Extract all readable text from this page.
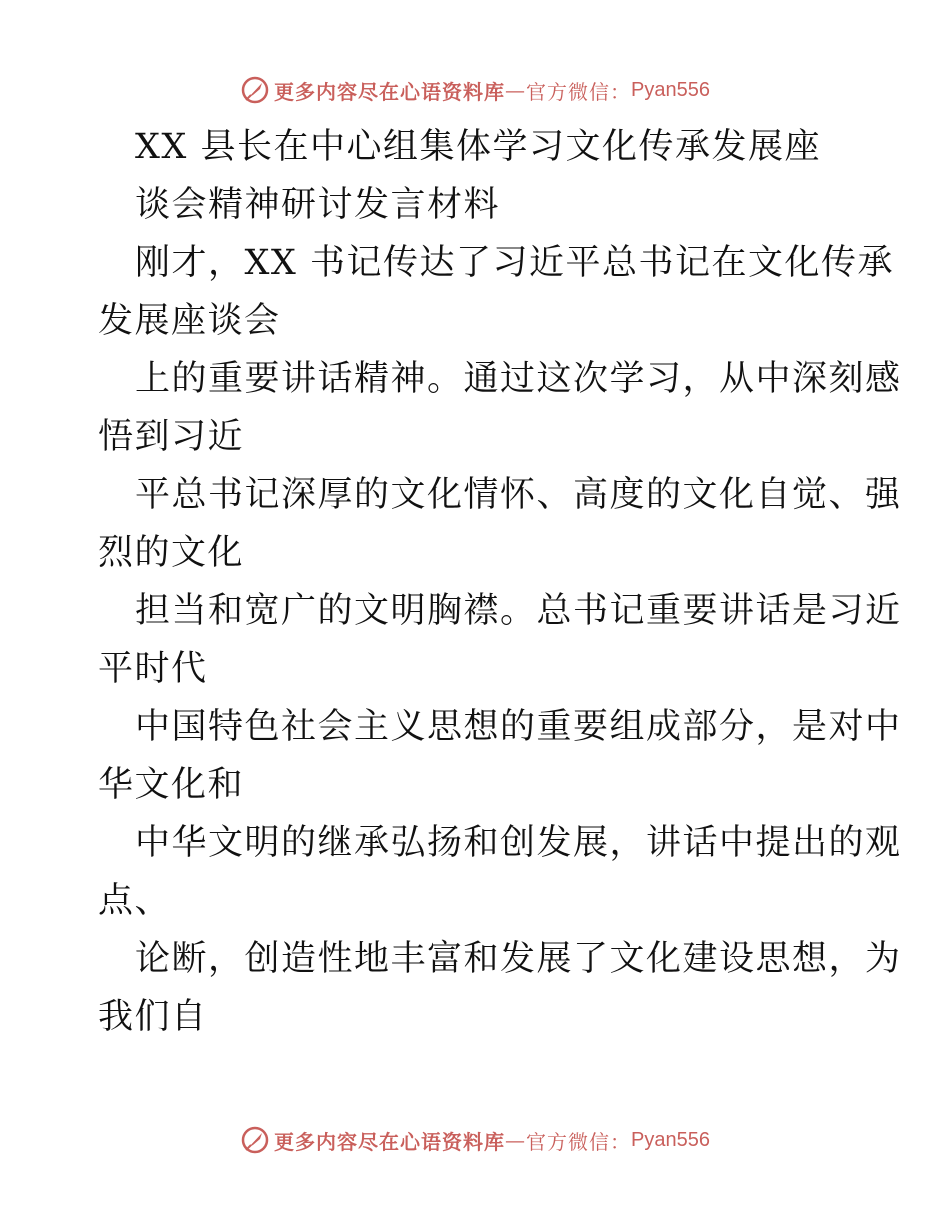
更多内容尽在心语资料库 — 官方微信： Pyan556
XX 县长在中心组集体学习文化传承发展座
谈会精神研讨发言材料
刚才，XX 书记传达了习近平总书记在文化传承
发展座谈会
上的重要讲话精神。通过这次学习，从中深刻感
悟到习近
平总书记深厚的文化情怀、高度的文化自觉、强
烈的文化
担当和宽广的文明胸襟。总书记重要讲话是习近
平时代
中国特色社会主义思想的重要组成部分，是对中
华文化和
中华文明的继承弘扬和创发展，讲话中提出的观
点、
论断，创造性地丰富和发展了文化建设思想，为
我们自
更多内容尽在心语资料库 — 官方微信： Pyan556
